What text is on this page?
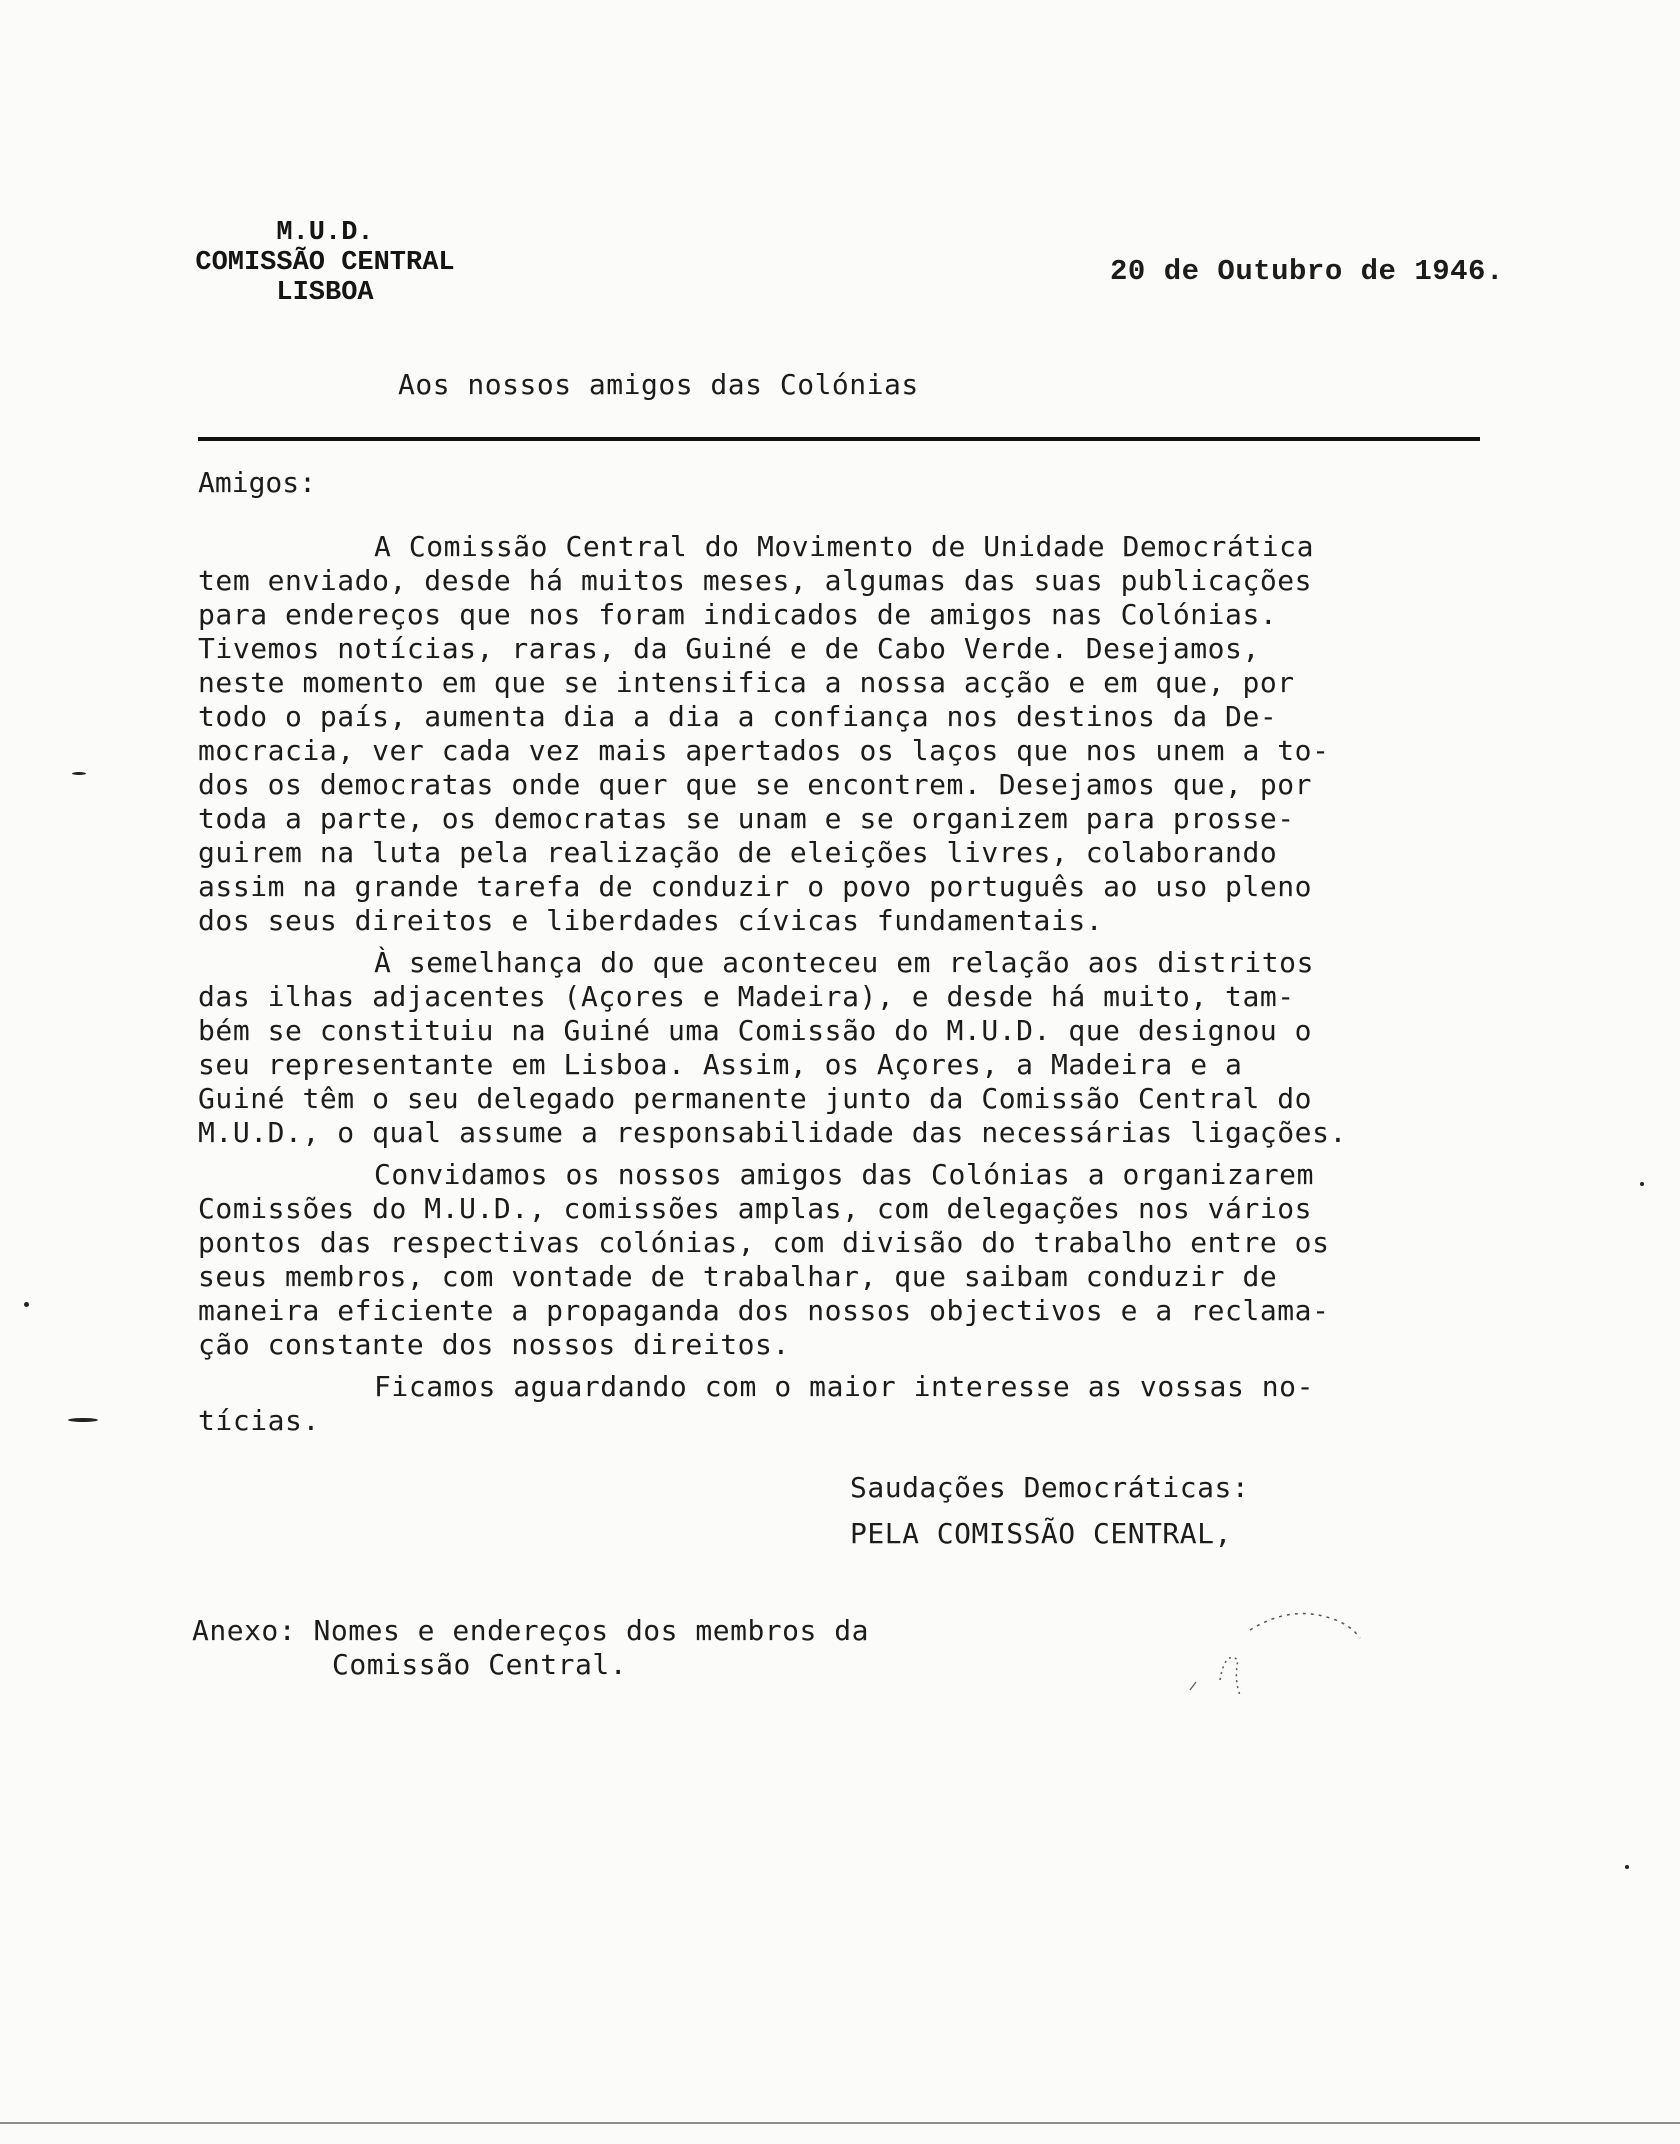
M.U.D.
COMISSÃO CENTRAL
LISBOA
20 de Outubro de 1946.
Aos nossos amigos das Colónias
Amigos:

A Comissão Central do Movimento de Unidade Democrática
tem enviado, desde há muitos meses, algumas das suas publicações
para endereços que nos foram indicados de amigos nas Colónias.
Tivemos notícias, raras, da Guiné e de Cabo Verde. Desejamos,
neste momento em que se intensifica a nossa acção e em que, por
todo o país, aumenta dia a dia a confiança nos destinos da De-
mocracia, ver cada vez mais apertados os laços que nos unem a to-
dos os democratas onde quer que se encontrem. Desejamos que, por
toda a parte, os democratas se unam e se organizem para prosse-
guirem na luta pela realização de eleições livres, colaborando
assim na grande tarefa de conduzir o povo português ao uso pleno
dos seus direitos e liberdades cívicas fundamentais.

À semelhança do que aconteceu em relação aos distritos
das ilhas adjacentes (Açores e Madeira), e desde há muito, tam-
bém se constituiu na Guiné uma Comissão do M.U.D. que designou o
seu representante em Lisboa. Assim, os Açores, a Madeira e a
Guiné têm o seu delegado permanente junto da Comissão Central do
M.U.D., o qual assume a responsabilidade das necessárias ligações.

Convidamos os nossos amigos das Colónias a organizarem
Comissões do M.U.D., comissões amplas, com delegações nos vários
pontos das respectivas colónias, com divisão do trabalho entre os
seus membros, com vontade de trabalhar, que saibam conduzir de
maneira eficiente a propaganda dos nossos objectivos e a reclama-
ção constante dos nossos direitos.

Ficamos aguardando com o maior interesse as vossas no-
tícias.

Saudações Democráticas:
PELA COMISSÃO CENTRAL,
Anexo: Nomes e endereços dos membros da
Comissão Central.
